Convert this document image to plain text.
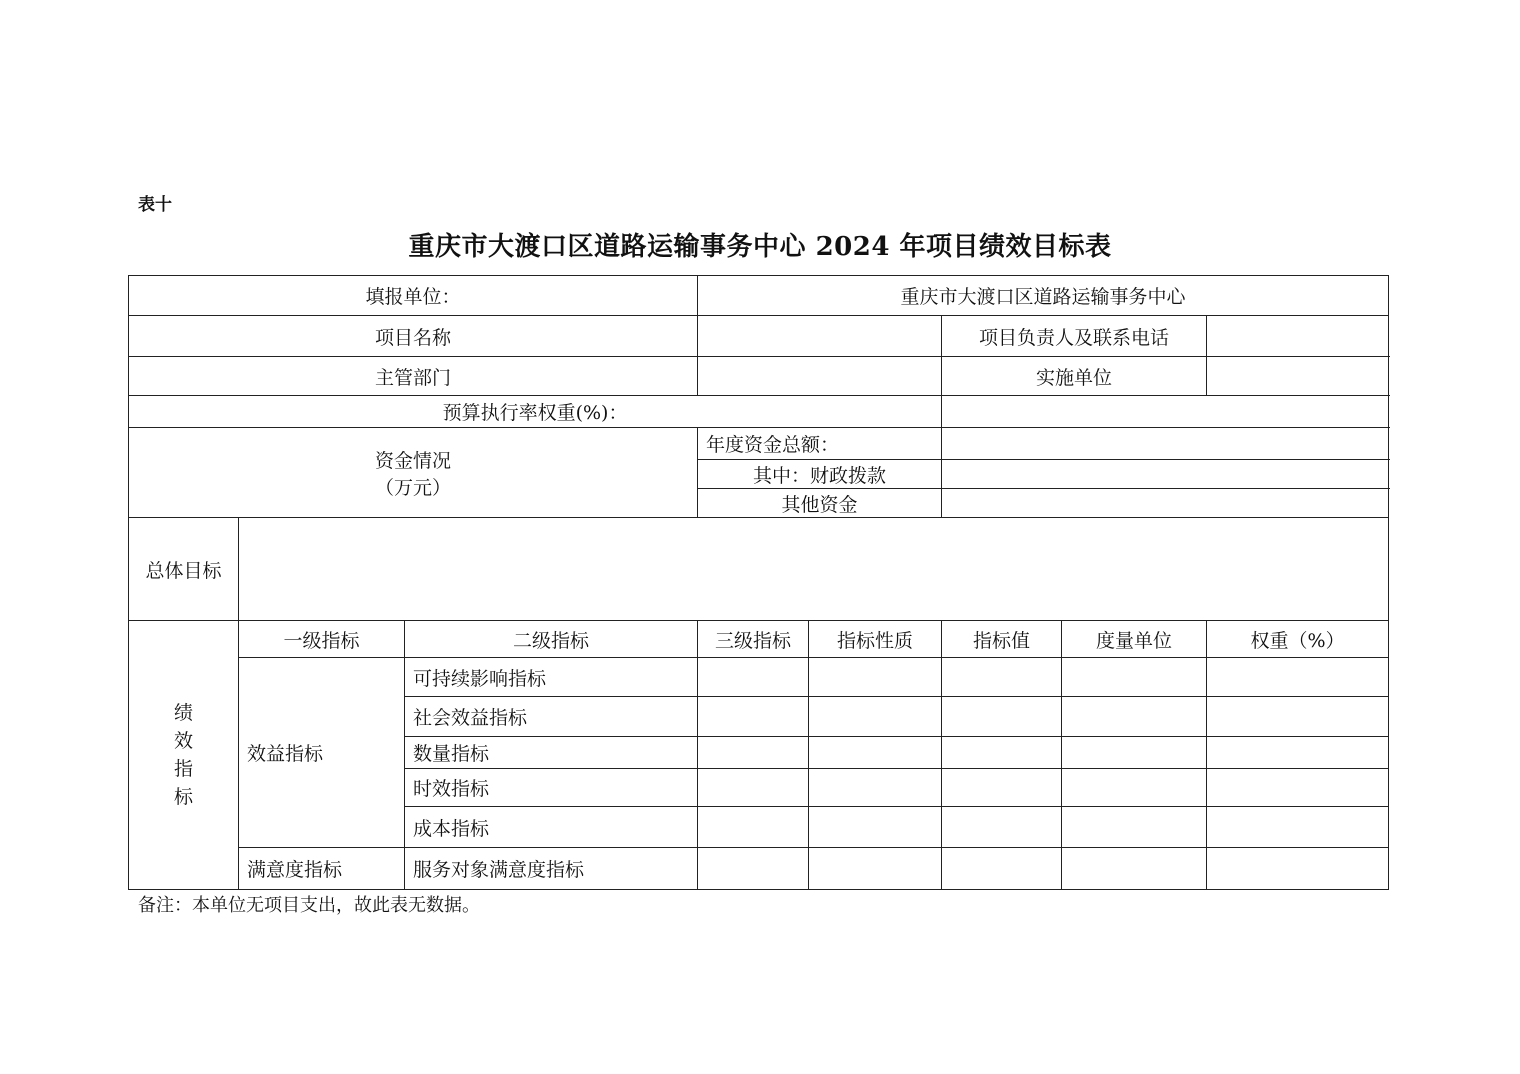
表十
重庆市大渡口区道路运输事务中心 2024 年项目绩效目标表
填报单位：			重庆市大渡口区道路运输事务中心				
项目名称					项目负责人及联系电话		
主管部门					实施单位		
预算执行率权重(%)：							

资金情况
（万元）			年度资金总额：				
			其中：财政拨款				
			其他资金				
总体目标							

绩
效
指
标	一级指标	二级指标	三级指标	指标性质	指标值	度量单位	权重（%）
	效益指标	可持续影响指标					
		社会效益指标					
		数量指标					
		时效指标					
		成本指标					
	满意度指标	服务对象满意度指标					
备注：本单位无项目支出，故此表无数据。
